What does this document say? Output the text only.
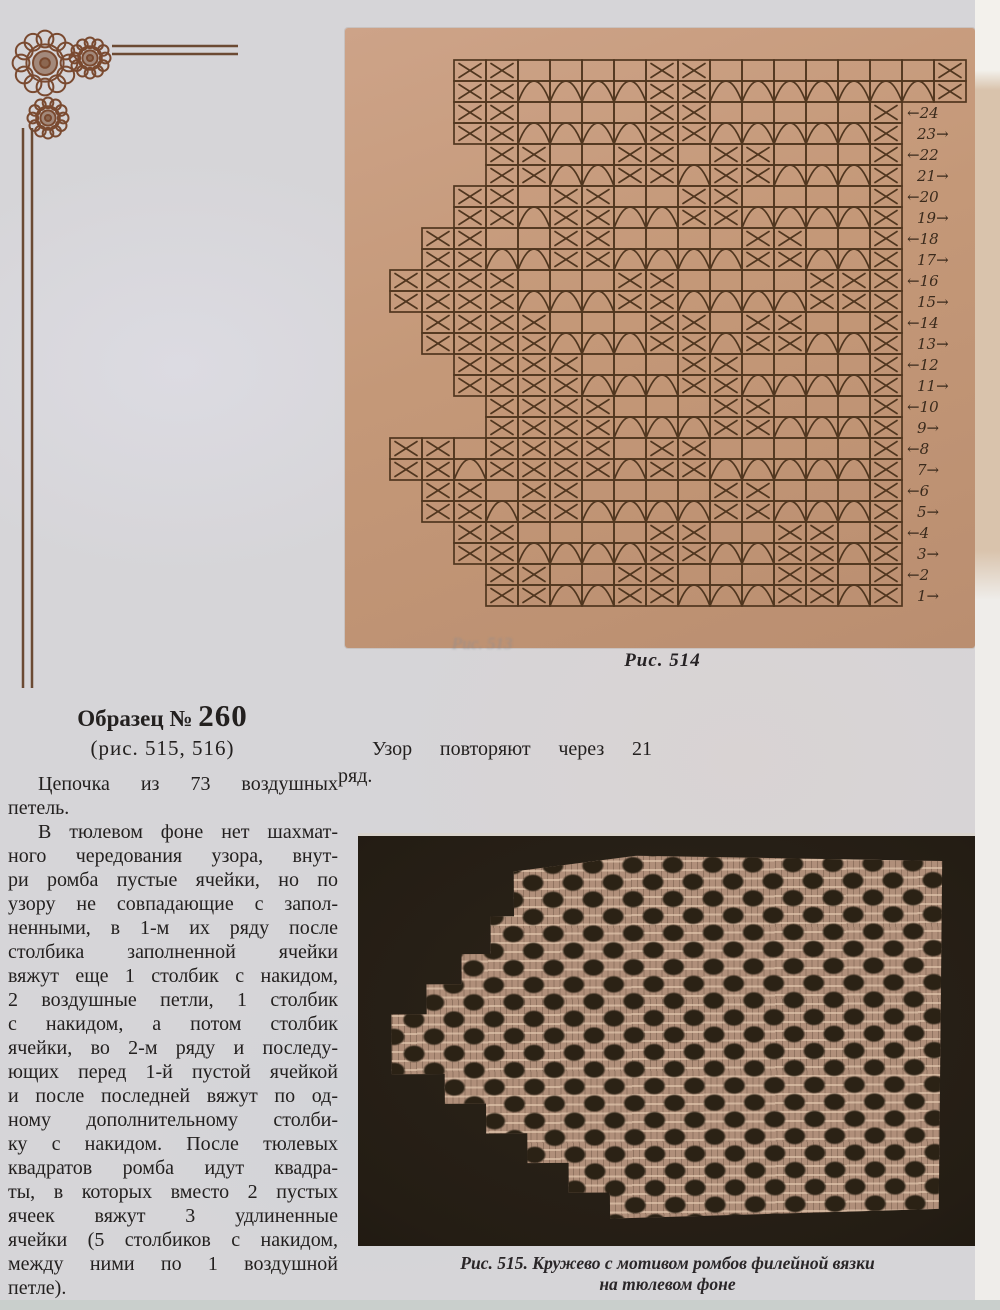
←24
23→
←22
21→
←20
19→
←18
17→
←16
15→
←14
13→
←12
11→
←10
9→
←8
7→
←6
5→
←4
3→
←2
1→
Рис. 513
Рис. 514
Образец № 260
(рис. 515, 516)	Узор повторяют через 21
ряд.
Цепочка из 73 воздушных
петель.
В тюлевом фоне нет шахмат-
ного чередования узора, внут-
ри ромба пустые ячейки, но по
узору не совпадающие с запол-
ненными, в 1-м их ряду после
столбика заполненной ячейки
вяжут еще 1 столбик с накидом,
2 воздушные петли, 1 столбик
с накидом, а потом столбик
ячейки, во 2-м ряду и последу-
ющих перед 1-й пустой ячейкой
и после последней вяжут по од-
ному дополнительному столби-
ку с накидом. После тюлевых
квадратов ромба идут квадра-
ты, в которых вместо 2 пустых
ячеек вяжут 3 удлиненные
ячейки (5 столбиков с накидом,
между ними по 1 воздушной
петле).
Рис. 515. Кружево с мотивом ромбов филейной вязки
на тюлевом фоне
